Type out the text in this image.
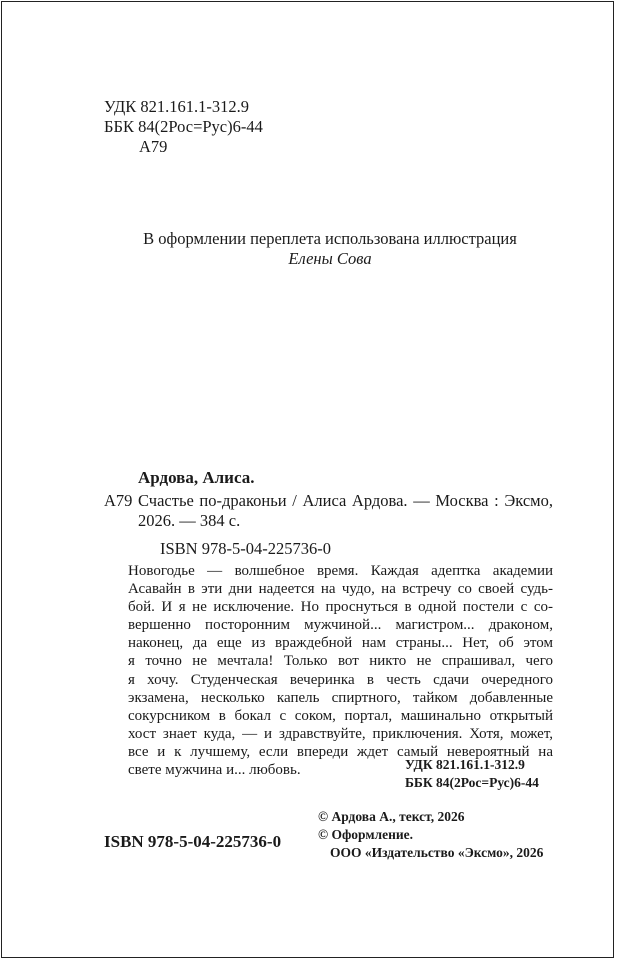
УДК 821.161.1-312.9
ББК 84(2Рос=Рус)6-44
А79
В оформлении переплета использована иллюстрация
Елены Сова
Ардова, Алиса.
А79 Счастье по-драконьи / Алиса Ардова. — Москва : Эксмо, 2026. — 384 с.
ISBN 978-5-04-225736-0
Новогодье — волшебное время. Каждая адептка академии
Асавайн в эти дни надеется на чудо, на встречу со своей судь-
бой. И я не исключение. Но проснуться в одной постели с со-
вершенно посторонним мужчиной... магистром... драконом,
наконец, да еще из враждебной нам страны... Нет, об этом
я точно не мечтала! Только вот никто не спрашивал, чего
я хочу. Студенческая вечеринка в честь сдачи очередного
экзамена, несколько капель спиртного, тайком добавленные
сокурсником в бокал с соком, портал, машинально открытый
хост знает куда, — и здравствуйте, приключения. Хотя, может,
все и к лучшему, если впереди ждет самый невероятный на
свете мужчина и... любовь.	УДК 821.161.1-312.9
ББК 84(2Рос=Рус)6-44
© Ардова А., текст, 2026
© Оформление.
ООО «Издательство «Эксмо», 2026
ISBN 978-5-04-225736-0
